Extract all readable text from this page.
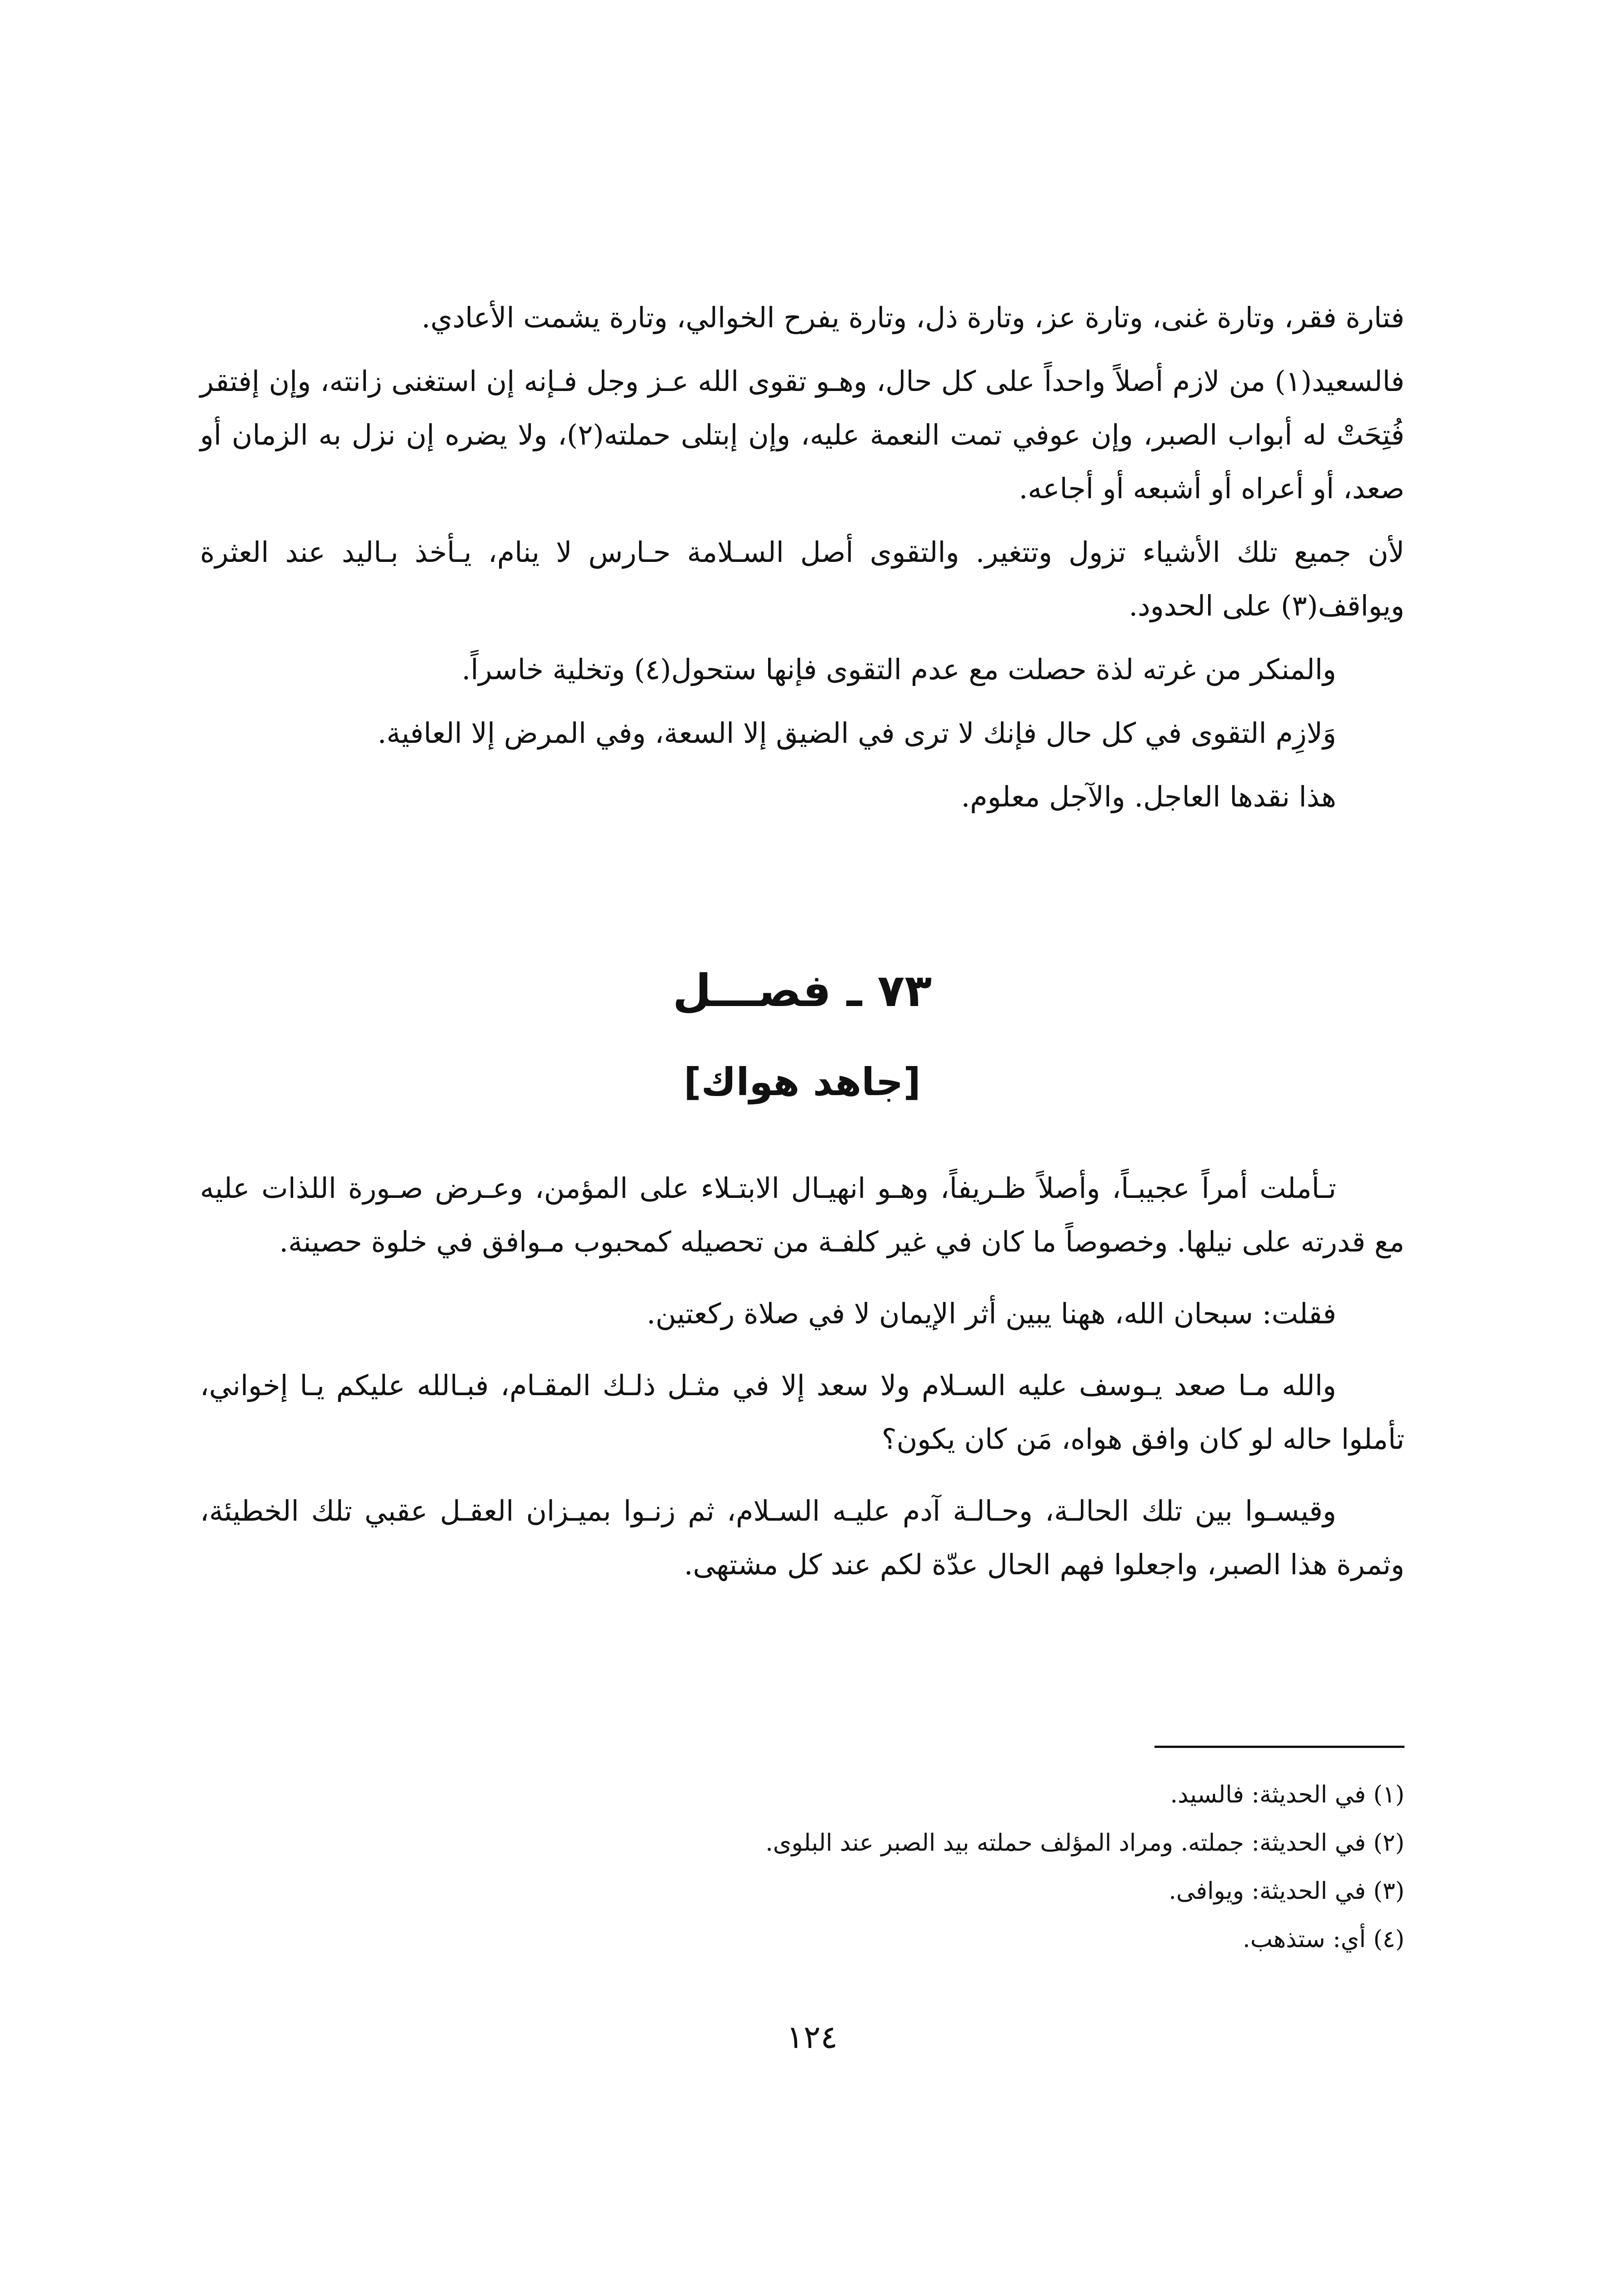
فتارة فقر، وتارة غنى، وتارة عز، وتارة ذل، وتارة يفرح الخوالي، وتارة يشمت الأعادي.

فالسعيد(١) من لازم أصلاً واحداً على كل حال، وهـو تقوى الله عـز وجل فـإنه إن استغنى زانته، وإن إفتقر فُتِحَتْ له أبواب الصبر، وإن عوفي تمت النعمة عليه، وإن إبتلى حملته(٢)، ولا يضره إن نزل به الزمان أو صعد، أو أعراه أو أشبعه أو أجاعه.

لأن جميع تلك الأشياء تزول وتتغير. والتقوى أصل السـلامة حـارس لا ينام، يـأخذ بـاليد عند العثرة ويواقف(٣) على الحدود.

والمنكر من غرته لذة حصلت مع عدم التقوى فإنها ستحول(٤) وتخلية خاسراً.

وَلازِم التقوى في كل حال فإنك لا ترى في الضيق إلا السعة، وفي المرض إلا العافية.

هذا نقدها العاجل. والآجل معلوم.

٧٣ ـ فصـــل
[جاهد هواك]

تـأملت أمراً عجيبـاً، وأصلاً ظـريفاً، وهـو انهيـال الابتـلاء على المؤمن، وعـرض صـورة اللذات عليه مع قدرته على نيلها. وخصوصاً ما كان في غير كلفـة من تحصيله كمحبوب مـوافق في خلوة حصينة.

فقلت: سبحان الله، ههنا يبين أثر الإيمان لا في صلاة ركعتين.

والله مـا صعد يـوسف عليه السـلام ولا سعد إلا في مثـل ذلـك المقـام، فبـالله عليكم يـا إخواني، تأملوا حاله لو كان وافق هواه، مَن كان يكون؟

وقيسـوا بين تلك الحالـة، وحـالـة آدم عليـه السـلام، ثم زنـوا بميـزان العقـل عقبي تلك الخطيئة، وثمرة هذا الصبر، واجعلوا فهم الحال عدّة لكم عند كل مشتهى.

(١) في الحديثة: فالسيد.

(٢) في الحديثة: جملته. ومراد المؤلف حملته بيد الصبر عند البلوى.

(٣) في الحديثة: ويوافى.

(٤) أي: ستذهب.

١٢٤
